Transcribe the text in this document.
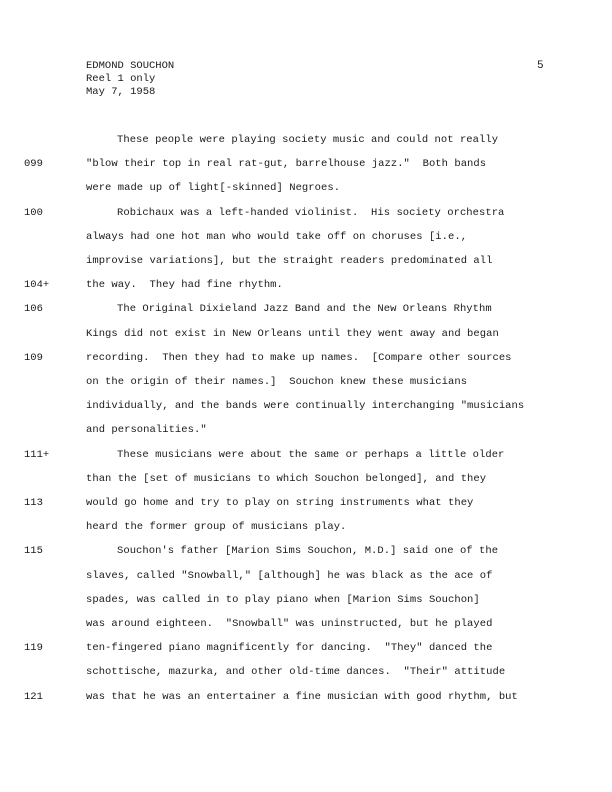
EDMOND SOUCHON
Reel 1 only
May 7, 1958
5
These people were playing society music and could not really
099	"blow their top in real rat-gut, barrelhouse jazz."  Both bands
were made up of light[-skinned] Negroes.
100	Robichaux was a left-handed violinist.  His society orchestra
always had one hot man who would take off on choruses [i.e.,
improvise variations], but the straight readers predominated all
104+	the way.  They had fine rhythm.
106	The Original Dixieland Jazz Band and the New Orleans Rhythm
Kings did not exist in New Orleans until they went away and began
109	recording.  Then they had to make up names.  [Compare other sources
on the origin of their names.]  Souchon knew these musicians
individually, and the bands were continually interchanging "musicians
and personalities."
111+	These musicians were about the same or perhaps a little older
than the [set of musicians to which Souchon belonged], and they
113	would go home and try to play on string instruments what they
heard the former group of musicians play.
115	Souchon's father [Marion Sims Souchon, M.D.] said one of the
slaves, called "Snowball," [although] he was black as the ace of
spades, was called in to play piano when [Marion Sims Souchon]
was around eighteen.  "Snowball" was uninstructed, but he played
119	ten-fingered piano magnificently for dancing.  "They" danced the
schottische, mazurka, and other old-time dances.  "Their" attitude
121	was that he was an entertainer a fine musician with good rhythm, but
